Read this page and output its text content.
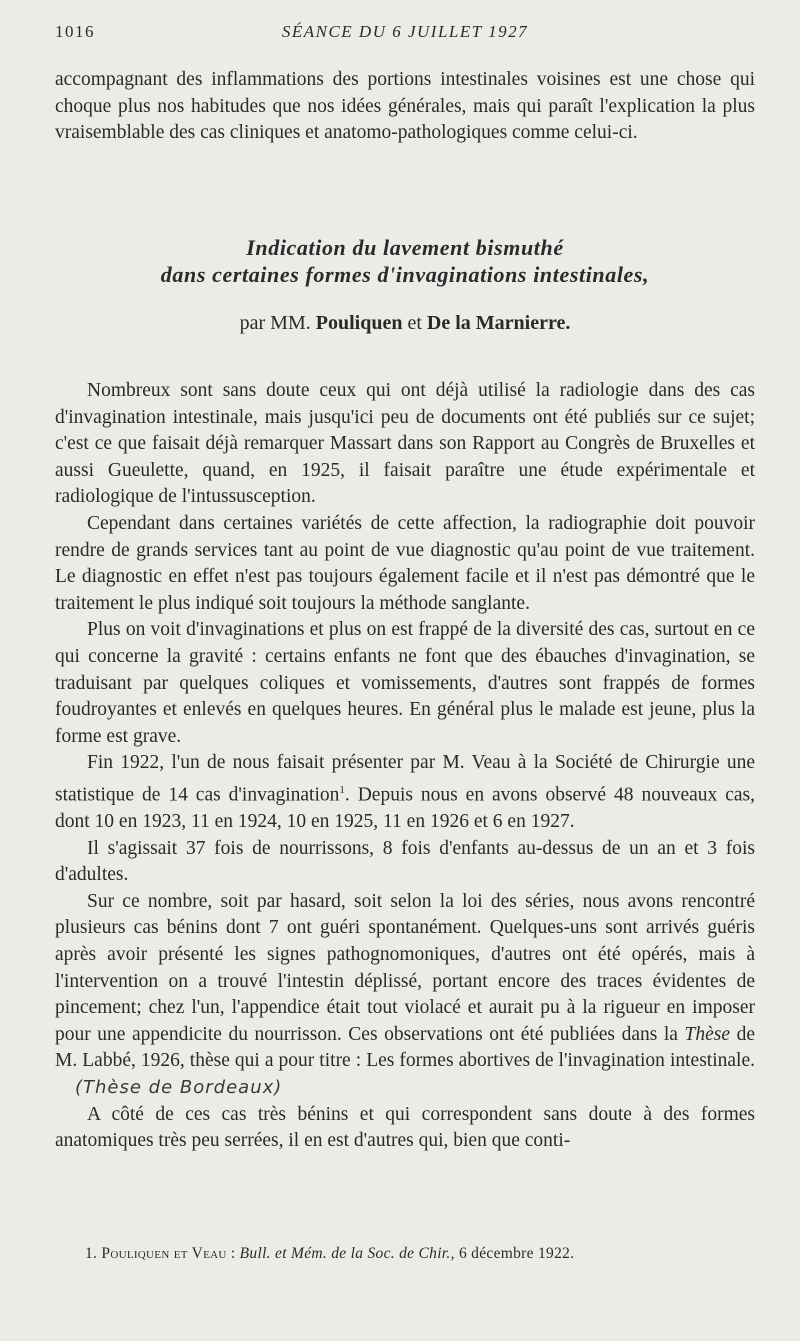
1016	SÉANCE DU 6 JUILLET 1927

accompagnant des inflammations des portions intestinales voisines est une chose qui choque plus nos habitudes que nos idées générales, mais qui paraît l'explication la plus vraisemblable des cas cliniques et anatomo-pathologiques comme celui-ci.

Indication du lavement bismuthé
dans certaines formes d'invaginations intestinales,
par MM. Pouliquen et De la Marnierre.

Nombreux sont sans doute ceux qui ont déjà utilisé la radiologie dans des cas d'invagination intestinale, mais jusqu'ici peu de documents ont été publiés sur ce sujet; c'est ce que faisait déjà remarquer Massart dans son Rapport au Congrès de Bruxelles et aussi Gueulette, quand, en 1925, il faisait paraître une étude expérimentale et radiologique de l'intussusception.

Cependant dans certaines variétés de cette affection, la radiographie doit pouvoir rendre de grands services tant au point de vue diagnostic qu'au point de vue traitement. Le diagnostic en effet n'est pas toujours également facile et il n'est pas démontré que le traitement le plus indiqué soit toujours la méthode sanglante.

Plus on voit d'invaginations et plus on est frappé de la diversité des cas, surtout en ce qui concerne la gravité : certains enfants ne font que des ébauches d'invagination, se traduisant par quelques coliques et vomissements, d'autres sont frappés de formes foudroyantes et enlevés en quelques heures. En général plus le malade est jeune, plus la forme est grave.

Fin 1922, l'un de nous faisait présenter par M. Veau à la Société de Chirurgie une statistique de 14 cas d'invagination$^1$. Depuis nous en avons observé 48 nouveaux cas, dont 10 en 1923, 11 en 1924, 10 en 1925, 11 en 1926 et 6 en 1927.

Il s'agissait 37 fois de nourrissons, 8 fois d'enfants au-dessus de un an et 3 fois d'adultes.

Sur ce nombre, soit par hasard, soit selon la loi des séries, nous avons rencontré plusieurs cas bénins dont 7 ont guéri spontanément. Quelques-uns sont arrivés guéris après avoir présenté les signes pathognomoniques, d'autres ont été opérés, mais à l'intervention on a trouvé l'intestin déplissé, portant encore des traces évidentes de pincement; chez l'un, l'appendice était tout violacé et aurait pu à la rigueur en imposer pour une appendicite du nourrisson. Ces observations ont été publiées dans la Thèse de M. Labbé, 1926, thèse qui a pour titre : Les formes abortives de l'invagination intestinale.(Thèse de Bordeaux)

A côté de ces cas très bénins et qui correspondent sans doute à des formes anatomiques très peu serrées, il en est d'autres qui, bien que conti-

1. Pouliquen et Veau : Bull. et Mém. de la Soc. de Chir., 6 décembre 1922.
